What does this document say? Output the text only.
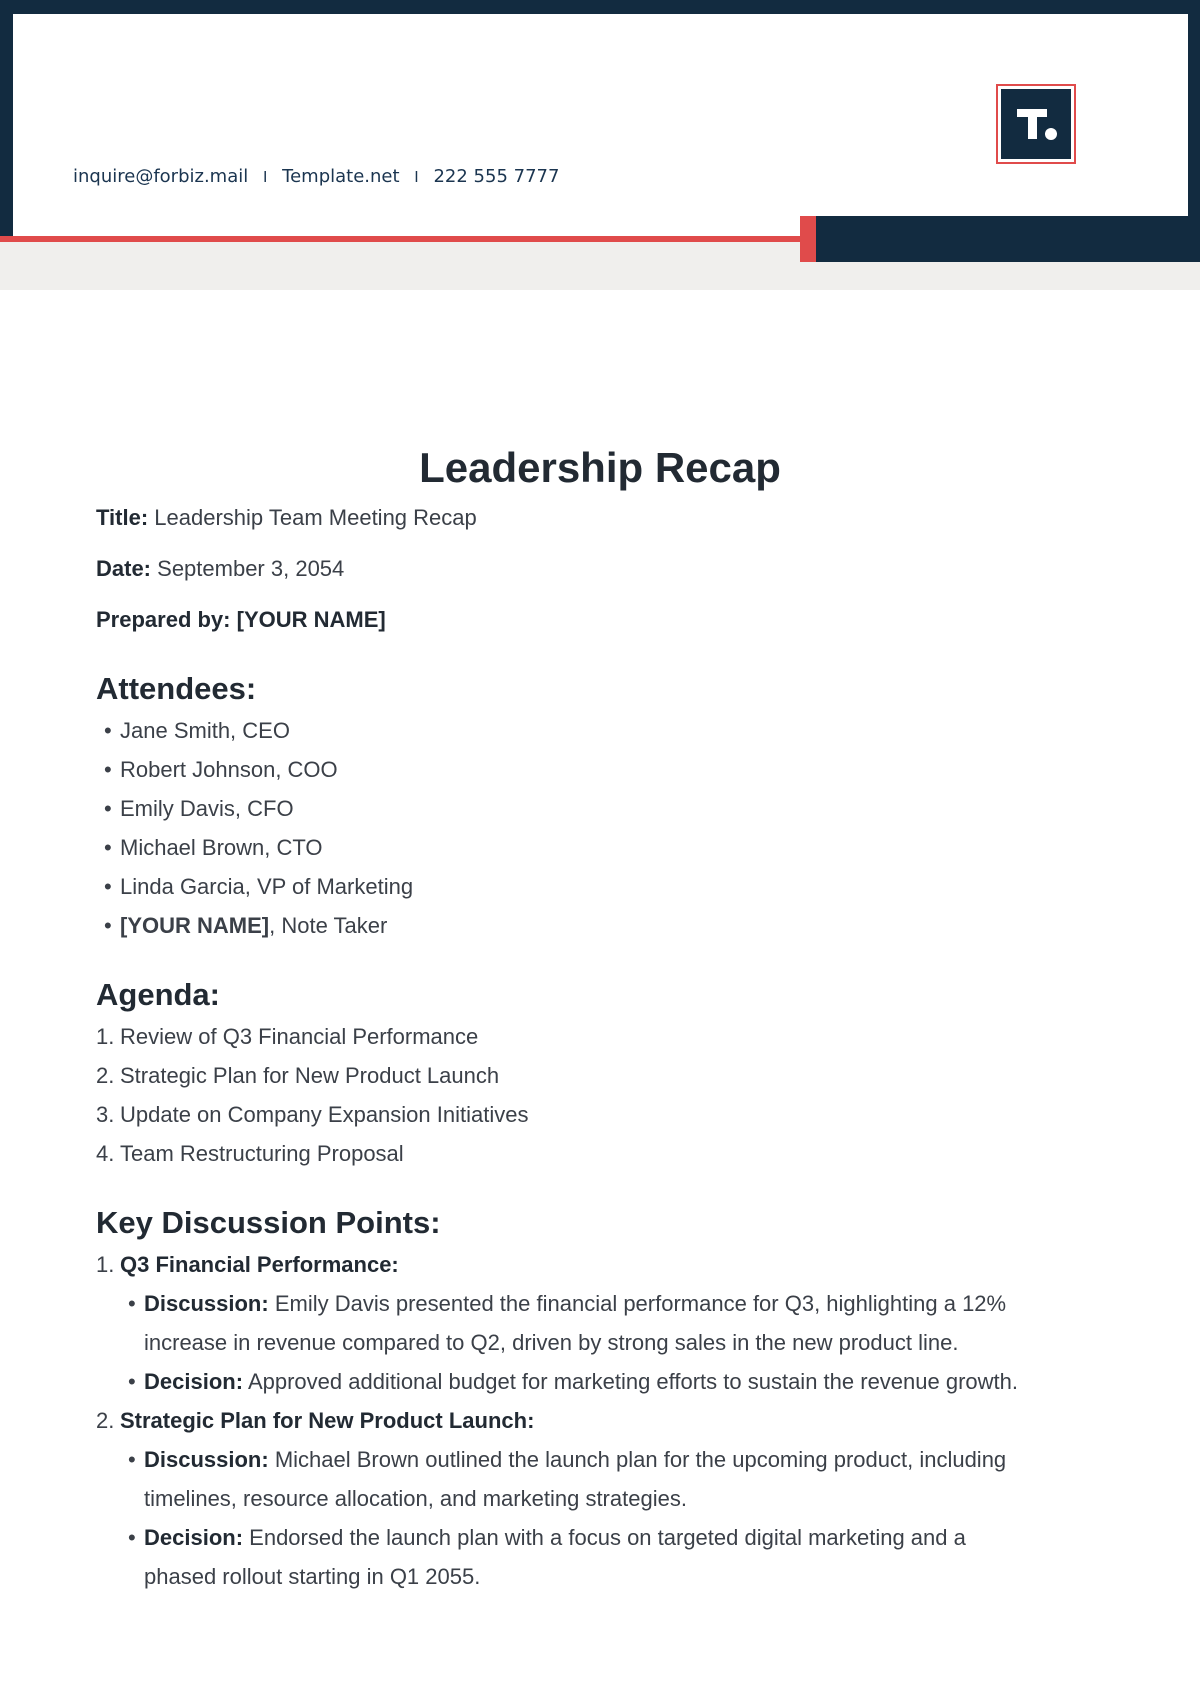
inquire@forbiz.mail I Template.net I 222 555 7777
Leadership Recap
Title: Leadership Team Meeting Recap
Date: September 3, 2054
Prepared by: [YOUR NAME]
Attendees:
• Jane Smith, CEO
• Robert Johnson, COO
• Emily Davis, CFO
• Michael Brown, CTO
• Linda Garcia, VP of Marketing
• [YOUR NAME], Note Taker
Agenda:
1. Review of Q3 Financial Performance
2. Strategic Plan for New Product Launch
3. Update on Company Expansion Initiatives
4. Team Restructuring Proposal
Key Discussion Points:
1. Q3 Financial Performance:
• Discussion: Emily Davis presented the financial performance for Q3, highlighting a 12% increase in revenue compared to Q2, driven by strong sales in the new product line.
• Decision: Approved additional budget for marketing efforts to sustain the revenue growth.
2. Strategic Plan for New Product Launch:
• Discussion: Michael Brown outlined the launch plan for the upcoming product, including timelines, resource allocation, and marketing strategies.
• Decision: Endorsed the launch plan with a focus on targeted digital marketing and a phased rollout starting in Q1 2055.
